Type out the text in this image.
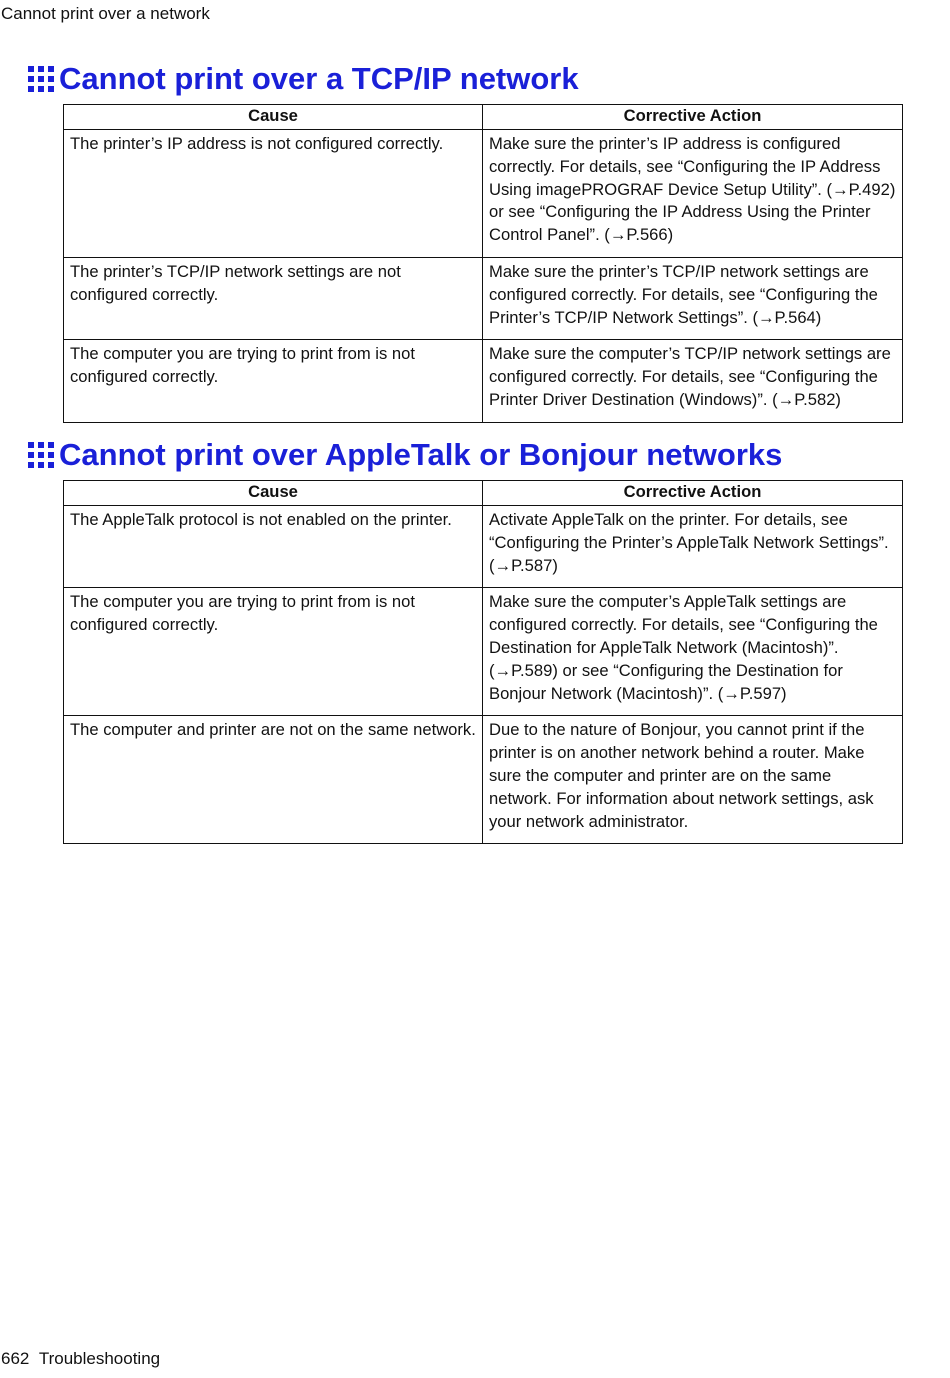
Cannot print over a network
Cannot print over a TCP/IP network
Cause	Corrective Action
The printer’s IP address is not configured correctly.	Make sure the printer’s IP address is configured correctly. For details, see “Configuring the IP Address Using imagePROGRAF Device Setup Utility”. (→P.492) or see “Configuring the IP Address Using the Printer Control Panel”. (→P.566)
The printer’s TCP/IP network settings are not configured correctly.	Make sure the printer’s TCP/IP network settings are configured correctly. For details, see “Configuring the Printer’s TCP/IP Network Settings”. (→P.564)
The computer you are trying to print from is not configured correctly.	Make sure the computer’s TCP/IP network settings are configured correctly. For details, see “Configuring the Printer Driver Destination (Windows)”. (→P.582)
Cannot print over AppleTalk or Bonjour networks
Cause	Corrective Action
The AppleTalk protocol is not enabled on the printer.	Activate AppleTalk on the printer. For details, see “Configuring the Printer’s AppleTalk Network Settings”. (→P.587)
The computer you are trying to print from is not configured correctly.	Make sure the computer’s AppleTalk settings are configured correctly. For details, see “Configuring the Destination for AppleTalk Network (Macintosh)”. (→P.589) or see “Configuring the Destination for Bonjour Network (Macintosh)”. (→P.597)
The computer and printer are not on the same network.	Due to the nature of Bonjour, you cannot print if the printer is on another network behind a router. Make sure the computer and printer are on the same network. For information about network settings, ask your network administrator.
662 Troubleshooting
